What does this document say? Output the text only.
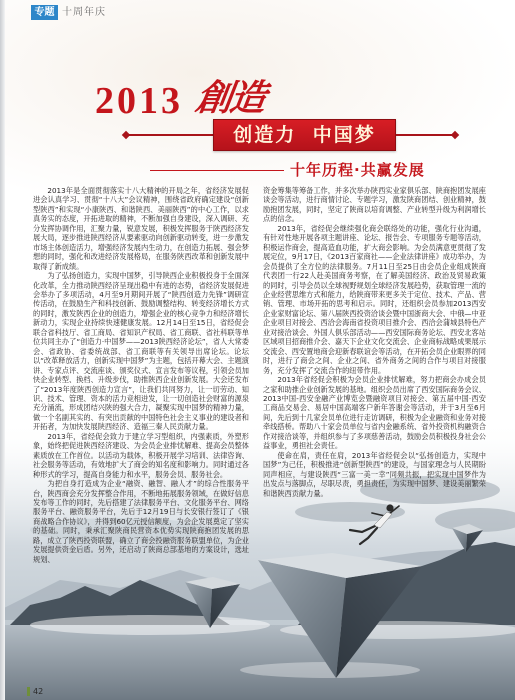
专题 十周年庆
2013 創造
创造力 中国梦
十年历程·共赢发展

2013年是全面贯彻落实十八大精神的开局之年，省经济发展促进会认真学习、贯彻“十八大”会议精神，围绕省政府确定建设“创新型陕西”和实现“小康陕西、和谐陕西、美丽陕西”的中心工作，以求真务实的态度，开拓进取的精神，不断加强自身建设，深入调研、充分发挥协调作用，汇聚力量，锐意发展，积极发挥服务于陕西经济发展大局，逐步推进陕西经济从要素驱动向创新驱动转变，进一步激发市场主体创造活力，增强经济发展内生动力，在创造力拓展、强会梦想的同时，强化和改进经济发展格局，在服务陕西改革和创新发展中取得了新成绩。

为了弘扬创造力，实现中国梦，引导陕西企业积极投身于全面深化改革，全力推动陕西经济呈现出稳中有进的态势，省经济发展促进会举办了多项活动，4月至9月期间开展了“陕西创造力先锋”调研宣传活动，在鼓励生产和科技创新、鼓励调整结构、转变经济增长方式的同时，激发陕西企业的创造力，增强企业的核心竞争力和经济增长新动力，实现企业持续快速健康发展。12月14日至15日，省经促会联合省科技厅、省工商局、省知识产权局、省工商联、省社科联等单位共同主办了“创造力·中国梦——2013陕西经济论坛”，省人大常委会、省政协、省委统战部、省工商联等有关领导出席论坛。论坛以“改革释放活力，创新实现中国梦”为主题，包括开幕大会、主题演讲、专家点评、交流座谈、颁奖仪式、宣言发布等议程，引领会员加快企业转型、换档、升级步伐，助推陕西企业创新发展。大会还发布了“2013年度陕西创造力宣言”，让我们共同努力，让一切劳动、知识、技术、管理、资本的活力竞相迸发，让一切创造社会财富的源泉充分涌流，形成团结兴陕的强大合力，凝聚实现中国梦的精神力量，做一个名副其实的、有突出贡献的中国特色社会主义事业的建设者和开拓者，为加快发展陕西经济、造福三秦人民贡献力量。

2013年，省经促会致力于建立学习型组织，内强素质，外塑形象，始终把促进陕西经济建设、为会员企业排忧解难、提高会员整体素质放在工作首位。以活动为载体，积极开展学习培训、法律咨询、社会服务等活动，有效地扩大了商会的知名度和影响力。同时通过各种形式的学习，提高自身能力和水平，服务会员、服务社会。

为把自身打造成为企业“融资、融智、融人才”的综合性服务平台，陕西商会充分发挥整合作用，不断地拓展服务领域，在做好信息发布等工作的同时，先后搭建了法律服务平台、文化服务平台、网络服务平台、融资服务平台，先后于12月19日与长安银行签订了《银商战略合作协议》，并得到60亿元授信额度，为会企发展奠定了坚实的基础。同时，秉承汇聚陕商民营资本优势实现陕商抱团发展的思路，成立了陕西投资联盟，确立了商会投融资服务联盟单位，为企业发展提供资金后盾。另外，还启动了陕商总部基地的方案设计，选址规划、

资金筹集等筹备工作，并多次举办陕西实业家俱乐部、陕商抱团发展座谈会等活动，进行商情讨论、专题学习，激发陕商团结、创业精神，鼓励抱团发展，同时，坚定了陕商以培育调整、产业转型升级为利润增长点的信念。

2013年，省经促会继续强化商会联络处的功能，强化行业沟通，有针对性地开展各项主题讲座、论坛、报告会、专项服务专题等活动，积极运作商会，提高造血功能，扩大商会影响。为会员满意更贯彻了发展定位，9月17日，《2013百家商社——企业法律讲座》成功举办，为会员提供了全方位的法律服务。7月11日至25日由会员企业组成陕商代表团一行22人赴美国商务考察，在了解美国经济、政治及贸易政策的同时，引导会员以全球视野规划全球经济发展趋势，获取管理一流的企业经营思维方式和能力，给陕商带来更多关于定位、技术、产品、营销、管理、市场开拓的思考和启示。同时，还组织会员参加2013西安企业家财富论坛、第八届陕西投资洽谈会暨中国浙商大会、中俄—中亚企业项目对接会、西洽会海南省投资项目推介会、西洽会蒲城县特色产业对接洽谈会、外国人俱乐部活动——西安国际商务论坛、西安北客站区域项目招商推介会、嘉天下企业文化交流会、企业商标战略成果展示交流会、西安置地商会迎新春联谊会等活动，在开拓会员企业眼界的同时，进行了商会之间、企业之间、省外商务之间的合作与项目对接服务，充分发挥了交流合作的纽带作用。

2013年省经促会积极为会员企业排忧解难，努力把商会办成会员之家和助推企业创新发展的基地。组织会员出席了西安国际商务会议、2013中国-西安金融产业博览会暨融资项目对接会、第五届中国·西安工商品交易会、易居中国高端客户新年答谢会等活动，并于3月至6月间，先后到十几家会员单位进行走访调研，积极为企业融资和业务对接牵线搭桥。帮助八十家会员单位与省内金融系统、省外投资机构融资合作对接洽谈等，并组织参与了多项慈善活动，鼓励会员积极投身社会公益事业，勇担社会责任。

使命在肩，责任在肩，2013年省经促会以“弘扬创造力，实现中国梦”为己任，积极推进“创新型陕西”的建设，与国家理念与人民期盼同声相应，与建设陕西“三富一美一幸”同频共振，把实现中国梦作为出发点与落脚点，尽职尽责，勇担责任，为实现中国梦、建设美丽繁荣和谐陕西贡献力量。

42
